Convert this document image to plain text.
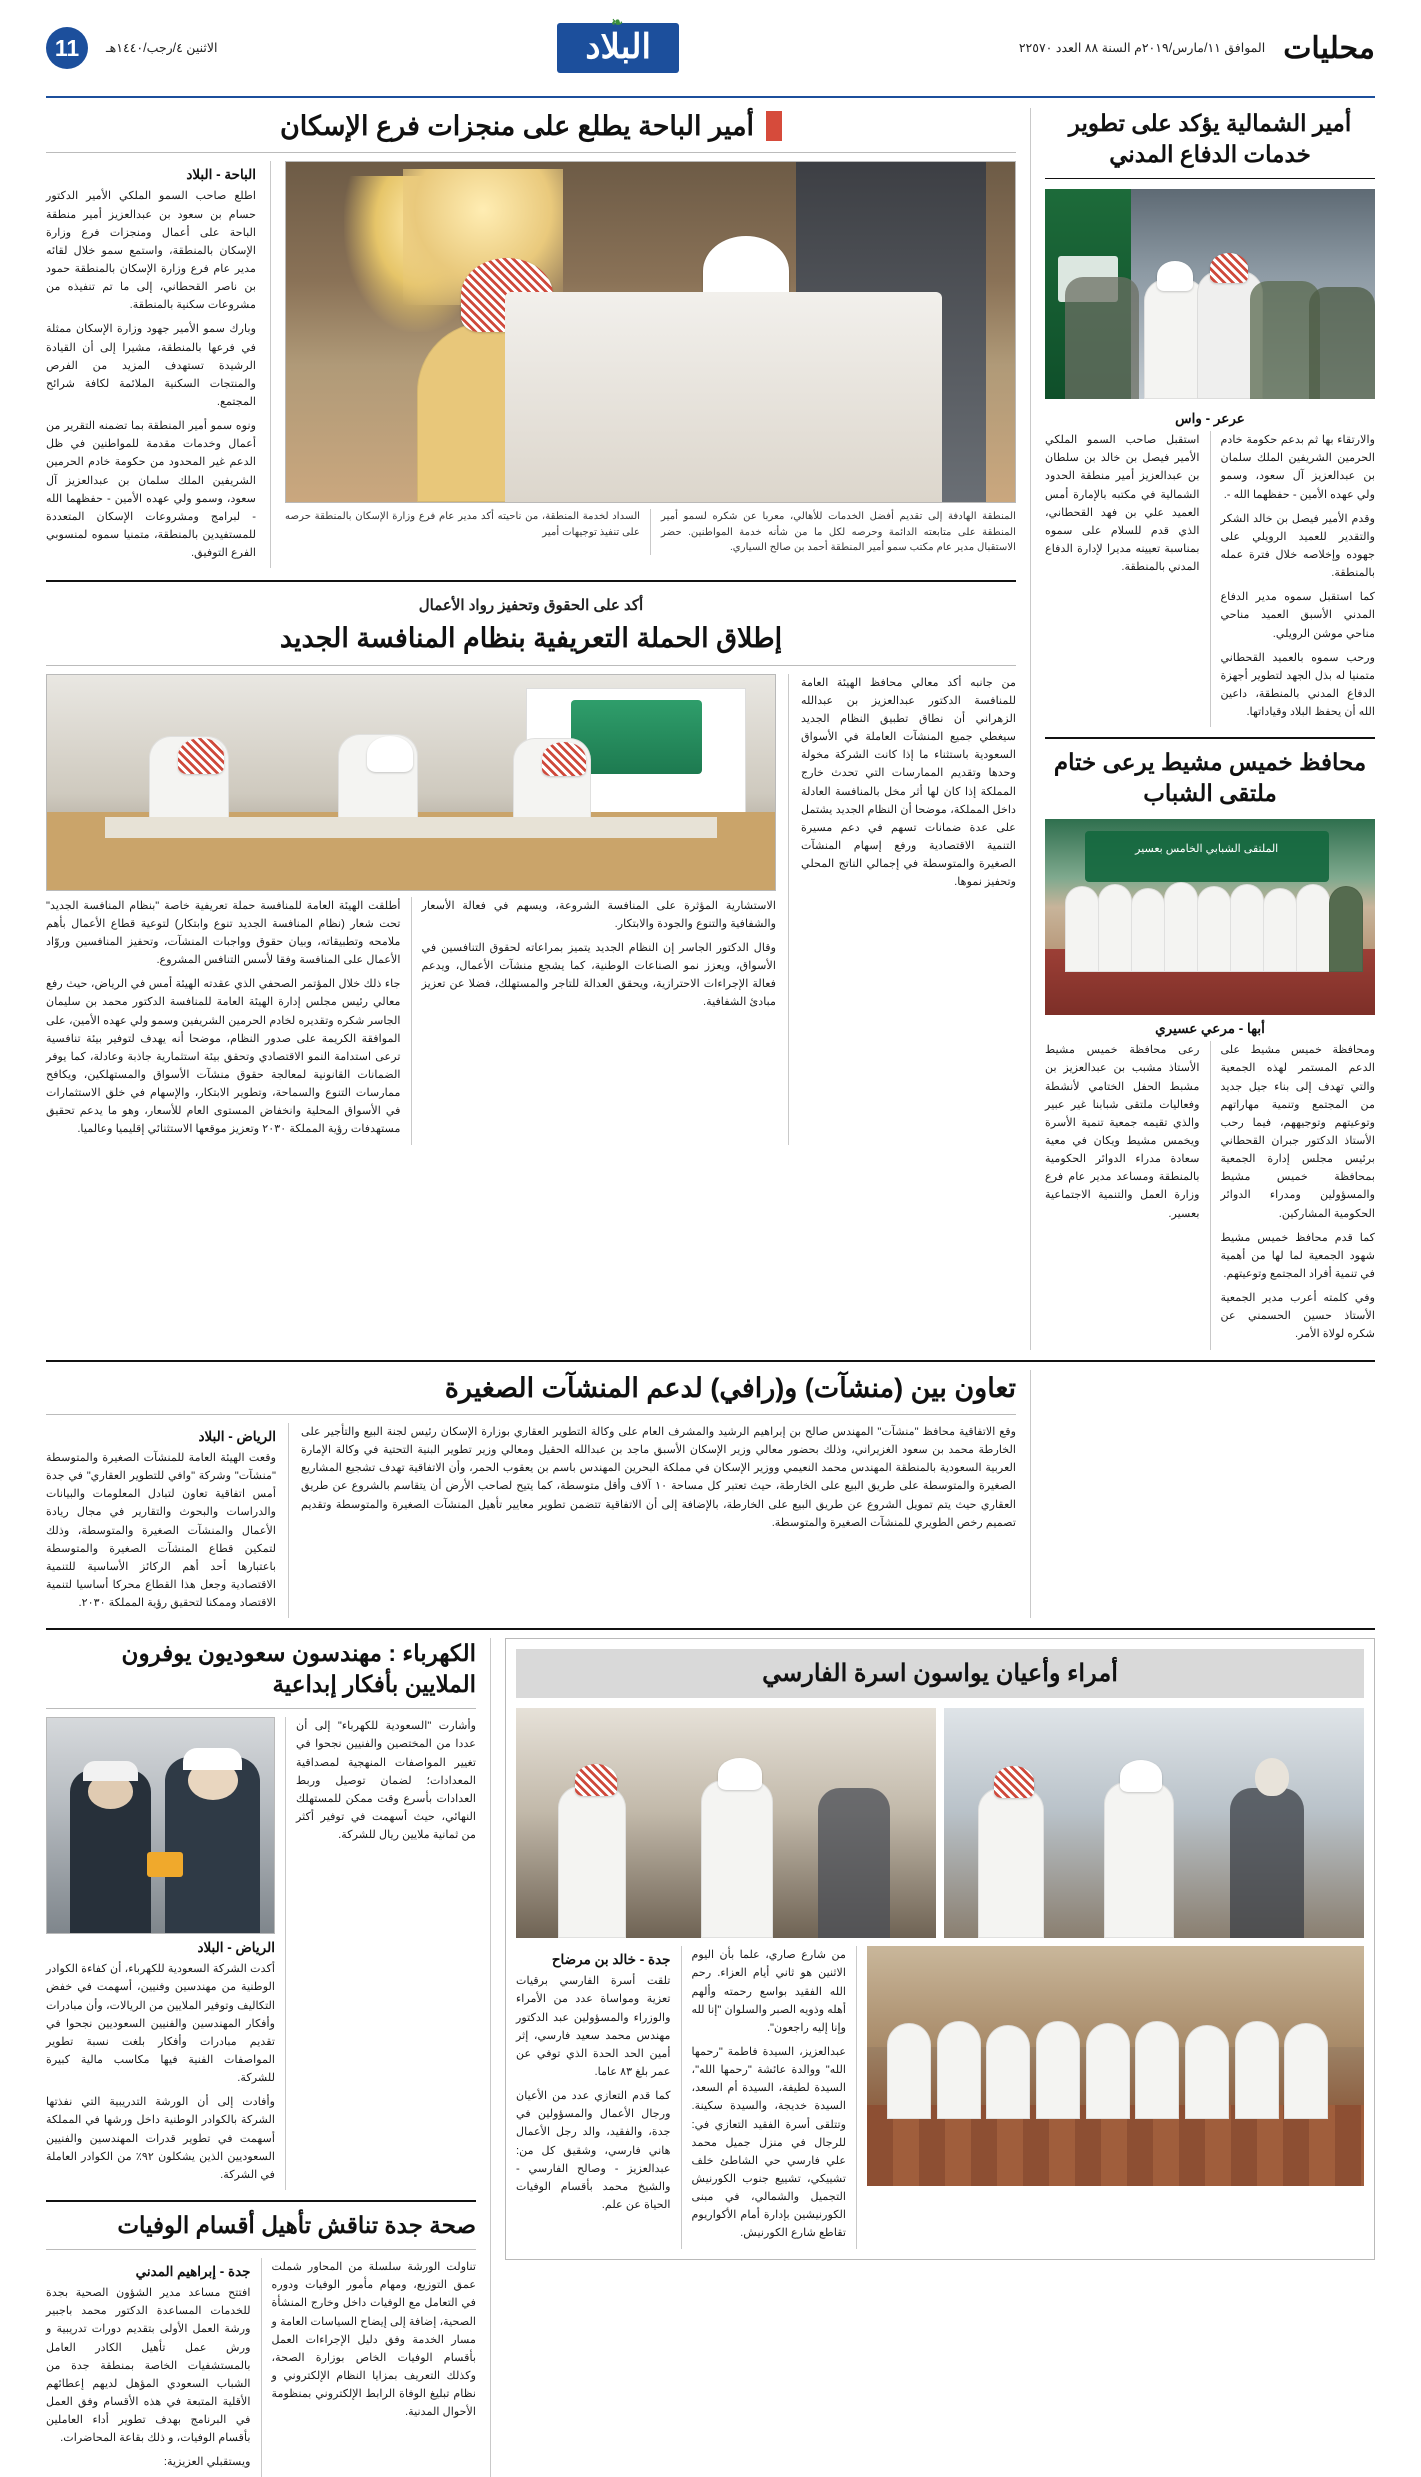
محليات
الموافق ١١/مارس/٢٠١٩م السنة ٨٨ العدد ٢٢٥٧٠
❧
البلاد
الاثنين ٤/رجب/١٤٤٠هـ
11
أمير الشمالية يؤكد على تطوير خدمات الدفاع المدني
عرعر - واس

والارتقاء بها ثم بدعم حكومة خادم الحرمين الشريفين الملك سلمان بن عبدالعزيز آل سعود، وسمو ولي عهده الأمين - حفظهما الله -.

وقدم الأمير فيصل بن خالد الشكر والتقدير للعميد الرويلي على جهوده وإخلاصه خلال فترة عمله بالمنطقة.

كما استقبل سموه مدير الدفاع المدني الأسبق العميد مناحي مناحي موشن الرويلي.

ورحب سموه بالعميد القحطاني متمنيا له بذل الجهد لتطوير أجهزة الدفاع المدني بالمنطقة، داعين الله أن يحفظ البلاد وقياداتها.

استقبل صاحب السمو الملكي الأمير فيصل بن خالد بن سلطان بن عبدالعزيز أمير منطقة الحدود الشمالية في مكتبه بالإمارة أمس العميد علي بن فهد القحطاني، الذي قدم للسلام على سموه بمناسبة تعيينه مديرا لإدارة الدفاع المدني بالمنطقة.

محافظ خميس مشيط يرعى ختام ملتقى الشباب
الملتقى الشبابي الخامس بعسير
أبها - مرعي عسيري

ومحافظة خميس مشيط على الدعم المستمر لهذه الجمعية والتي تهدف إلى بناء جيل جديد من المجتمع وتنمية مهاراتهم وتوعيتهم وتوجيههم، فيما رحب الأستاذ الدكتور جبران القحطاني برئيس مجلس إدارة الجمعية بمحافظة خميس مشيط والمسؤولين ومدراء الدوائر الحكومية المشاركين.

كما قدم محافظ خميس مشيط شهود الجمعية لما لها من أهمية في تنمية أفراد المجتمع وتوعيتهم.

وفي كلمته أعرب مدير الجمعية الأستاذ حسين الحسمني عن شكره لولاة الأمر.

رعى محافظة خميس مشيط الأستاذ مشبب بن عبدالعزيز بن مشبط الحفل الختامي لأنشطة وفعاليات ملتقى شبابنا غير عبير والذي تقيمه جمعية تنمية الأسرة ويخمس مشيط ويكان في معية سعادة مدراء الدوائر الحكومية بالمنطقة ومساعد مدير عام فرع وزارة العمل والتنمية الاجتماعية بعسير.

أمير الباحة يطلع على منجزات فرع الإسكان
المنطقة الهادفة إلى تقديم أفضل الخدمات للأهالي، معربا عن شكره لسمو أمير المنطقة على متابعته الدائمة وحرصه لكل ما من شأنه خدمة المواطنين. حضر الاستقبال مدير عام مكتب سمو أمير المنطقة أحمد بن صالح السياري.
السداد لخدمة المنطقة، من ناحيته أكد مدير عام فرع وزارة الإسكان بالمنطقة حرصه على تنفيذ توجيهات أمير
الباحة - البلاد

اطلع صاحب السمو الملكي الأمير الدكتور حسام بن سعود بن عبدالعزيز أمير منطقة الباحة على أعمال ومنجزات فرع وزارة الإسكان بالمنطقة، واستمع سمو خلال لقائه مدير عام فرع وزارة الإسكان بالمنطقة حمود بن ناصر القحطاني، إلى ما تم تنفيذه من مشروعات سكنية بالمنطقة.

وبارك سمو الأمير جهود وزارة الإسكان ممثلة في فرعها بالمنطقة، مشيرا إلى أن القيادة الرشيدة تستهدف المزيد من الفرص والمنتجات السكنية الملائمة لكافة شرائح المجتمع.

ونوه سمو أمير المنطقة بما تضمنه التقرير من أعمال وخدمات مقدمة للمواطنين في ظل الدعم غير المحدود من حكومة خادم الحرمين الشريفين الملك سلمان بن عبدالعزيز آل سعود، وسمو ولي عهده الأمين - حفظهما الله - لبرامج ومشروعات الإسكان المتعددة للمستفيدين بالمنطقة، متمنيا سموه لمنسوبي الفرع التوفيق.

أكد على الحقوق وتحفيز رواد الأعمال
إطلاق الحملة التعريفية بنظام المنافسة الجديد

من جانبه أكد معالي محافظ الهيئة العامة للمنافسة الدكتور عبدالعزيز بن عبدالله الزهراني أن نطاق تطبيق النظام الجديد سيغطي جميع المنشآت العاملة في الأسواق السعودية باستثناء ما إذا كانت الشركة مخولة وحدها وتقديم الممارسات التي تحدث خارج المملكة إذا كان لها أثر مخل بالمنافسة العادلة داخل المملكة، موضحا أن النظام الجديد يشتمل على عدة ضمانات تسهم في دعم مسيرة التنمية الاقتصادية ورفع إسهام المنشآت الصغيرة والمتوسطة في إجمالي الناتج المحلي وتحفيز نموها.

الاستشارية المؤثرة على المنافسة الشروعة، ويسهم في فعالة الأسعار والشفافية والتنوع والجودة والابتكار.

وقال الدكتور الجاسر إن النظام الجديد يتميز بمراعاته لحقوق التنافسين في الأسواق، ويعزز نمو الصناعات الوطنية، كما يشجع منشآت الأعمال، ويدعم فعالة الإجراءات الاحترازية، ويحقق العدالة للتاجر والمستهلك، فضلا عن تعزيز مبادئ الشفافية.

أطلقت الهيئة العامة للمنافسة حملة تعريفية خاصة "بنظام المنافسة الجديد" تحت شعار (نظام المنافسة الجديد تنوع وابتكار) لتوعية قطاع الأعمال بأهم ملامحه وتطبيقاته، وبيان حقوق وواجبات المنشآت، وتحفيز المنافسين وروّاد الأعمال على المنافسة وفقا لأسس التنافس المشروع.

جاء ذلك خلال المؤتمر الصحفي الذي عقدته الهيئة أمس في الرياض، حيث رفع معالي رئيس مجلس إدارة الهيئة العامة للمنافسة الدكتور محمد بن سليمان الجاسر شكره وتقديره لخادم الحرمين الشريفين وسمو ولي عهده الأمين، على الموافقة الكريمة على صدور النظام، موضحا أنه يهدف لتوفير بيئة تنافسية ترعى استدامة النمو الاقتصادي وتحقق بيئة استثمارية جاذبة وعادلة، كما يوفر الضمانات القانونية لمعالجة حقوق منشآت الأسواق والمستهلكين، ويكافح ممارسات التنوع والسماحة، وتطوير الابتكار، والإسهام في خلق الاستثمارات في الأسواق المحلية وانخفاض المستوى العام للأسعار، وهو ما يدعم تحقيق مستهدفات رؤية المملكة ٢٠٣٠ وتعزيز موقعها الاستثنائي إقليميا وعالميا.

تعاون بين (منشآت) و(رافي) لدعم المنشآت الصغيرة

وقع الاتفاقية محافظ "منشآت" المهندس صالح بن إبراهيم الرشيد والمشرف العام على وكالة التطوير العقاري بوزارة الإسكان رئيس لجنة البيع والتأجير على الخارطة محمد بن سعود الغزيراني، وذلك بحضور معالي وزير الإسكان الأسبق ماجد بن عبدالله الحقيل ومعالي وزير تطوير البنية التحتية في وكالة الإمارة العربية السعودية بالمنطقة المهندس محمد النعيمي ووزير الإسكان في مملكة البحرين المهندس باسم بن يعقوب الحمر، وأن الاتفاقية تهدف تشجيع المشاريع الصغيرة والمتوسطة على طريق البيع على الخارطة، حيث تعتبر كل مساحة ١٠ آلاف وأقل متوسطة، كما يتيح لصاحب الأرض أن يتقاسم بالشروع عن طريق العقاري حيث يتم تمويل الشروع عن طريق البيع على الخارطة، بالإضافة إلى أن الاتفاقية تتضمن تطوير معايير تأهيل المنشآت الصغيرة والمتوسطة وتقديم تصميم رخص الطويري للمنشآت الصغيرة والمتوسطة.

الرياض - البلاد

وقعت الهيئة العامة للمنشآت الصغيرة والمتوسطة "منشآت" وشركة "وافي للتطوير العقاري" في جدة أمس اتفاقية تعاون لتبادل المعلومات والبيانات والدراسات والبحوث والتقارير في مجال ريادة الأعمال والمنشآت الصغيرة والمتوسطة، وذلك لتمكين قطاع المنشآت الصغيرة والمتوسطة باعتبارها أحد أهم الركائز الأساسية للتنمية الاقتصادية وجعل هذا القطاع محركا أساسيا لتنمية الاقتصاد وممكنا لتحقيق رؤية المملكة ٢٠٣٠.

أمراء وأعيان يواسون اسرة الفارسي

من شارع صاري، علما بأن اليوم الاثنين هو ثاني أيام العزاء. رحم الله الفقيد بواسع رحمته وألهم أهله وذويه الصبر والسلوان "إنا لله وإنا إليه راجعون".

عبدالعزيز، السيدة فاطمة "رحمها الله" ووالدة عائشة "رحمها الله"، السيدة لطيفة، السيدة أم السعد، السيدة خديجة، والسيدة سكينة. وتتلقى أسرة الفقيد التعازي في: للرجال في منزل جميل محمد علي فارسي حي الشاطئ خلف تشييكي، تشييع جنوب الكورنيش التجميل والشمالي، في مبنى الكورنيشين بإدارة أمام الأكواريوم تقاطع شارع الكورنيش.

جدة - خالد بن مرضاح

تلقت أسرة الفارسي برقيات تعزية ومواساة عدد من الأمراء والوزراء والمسؤولين عبد الدكتور مهندس محمد سعيد فارسي، إثر أمين الحد الحدة الذي توفي عن عمر بلغ ٨٣ عاما.

كما قدم التعازي عدد من الأعيان ورجال الأعمال والمسؤولين في جدة، والفقيد، والد رجل الأعمال هاني فارسي، وشقيق كل من: عبدالعزيز - وصالح الفارسي - والشيخ محمد بأقسام الوفيات الحياة عن علم.

الكهرباء : مهندسون سعوديون يوفرون الملايين بأفكار إبداعية

وأشارت "السعودية للكهرباء" إلى أن عددا من المختصين والفنيين نجحوا في تغيير المواصفات المنهجية لمصداقية المعدادات؛ لضمان توصيل وربط العدادات بأسرع وقت ممكن للمستهلك النهائي، حيث أسهمت في توفير أكثر من ثمانية ملايين ريال للشركة.

الرياض - البلاد

أكدت الشركة السعودية للكهرباء، أن كفاءة الكوادر الوطنية من مهندسين وفنيين، أسهمت في خفض التكاليف وتوفير الملايين من الريالات، وأن مبادرات وأفكار المهندسين والفنيين السعوديين نجحوا في تقديم مبادرات وأفكار بلغت نسبة تطوير المواصفات الفنية فيها مكاسب مالية كبيرة للشركة.

وأفادت إلى أن الورشة التدريبية التي نفذتها الشركة بالكوادر الوطنية داخل ورشها في المملكة أسهمت في تطوير قدرات المهندسين والفنيين السعوديين الذين يشكلون ٩٢٪ من الكوادر العاملة في الشركة.

صحة جدة تناقش تأهيل أقسام الوفيات

تناولت الورشة سلسلة من المحاور شملت عمق التوزيع، ومهام مأمور الوفيات ودوره في التعامل مع الوفيات داخل وخارج المنشأة الصحية، إضافة إلى إيضاح السياسات العامة و مسار الخدمة وفق دليل الإجراءات العمل بأقسام الوفيات الخاص بوزارة الصحة، وكذلك التعريف بمزايا النظام الإلكتروني و نظام تبليغ الوفاة الرابط الإلكتروني بمنظومة الأحوال المدنية.

جدة - إبراهيم المدني

افتتح مساعد مدير الشؤون الصحية بجدة للخدمات المساعدة الدكتور محمد باجبير ورشة العمل الأولى بتقديم دورات تدريبية و ورش عمل تأهيل الكادر العامل بالمستشفيات الخاصة بمنطقة جدة من الشباب السعودي المؤهل لديهم إعطائهم الأقلية المتبعة في هذه الأقسام وفق العمل في البرنامج بهدف تطوير أداء العاملين بأقسام الوفيات، و ذلك بقاعة المحاضرات.

ويستقبلي العزيزية:
